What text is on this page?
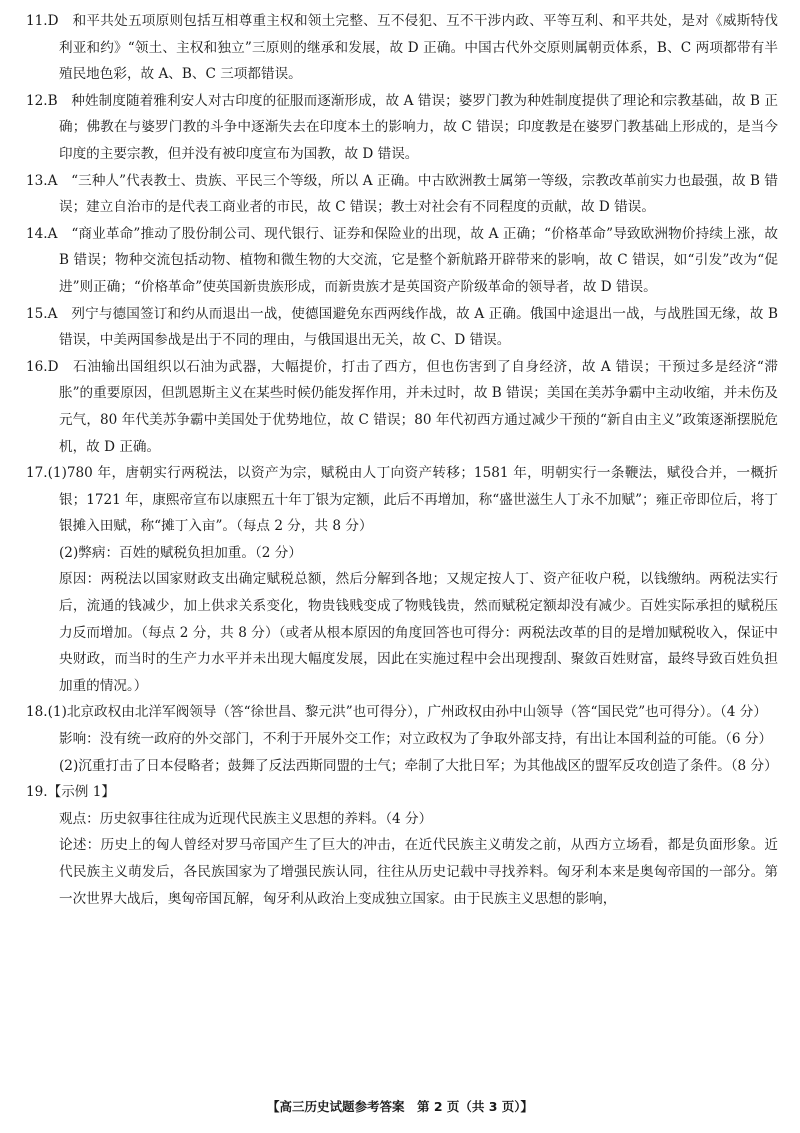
11.D　和平共处五项原则包括互相尊重主权和领土完整、互不侵犯、互不干涉内政、平等互利、和平共处，是对《威斯特伐利亚和约》“领土、主权和独立”三原则的继承和发展，故 D 正确。中国古代外交原则属朝贡体系，B、C 两项都带有半殖民地色彩，故 A、B、C 三项都错误。

12.B　种姓制度随着雅利安人对古印度的征服而逐渐形成，故 A 错误；婆罗门教为种姓制度提供了理论和宗教基础，故 B 正确；佛教在与婆罗门教的斗争中逐渐失去在印度本土的影响力，故 C 错误；印度教是在婆罗门教基础上形成的，是当今印度的主要宗教，但并没有被印度宣布为国教，故 D 错误。

13.A　“三种人”代表教士、贵族、平民三个等级，所以 A 正确。中古欧洲教士属第一等级，宗教改革前实力也最强，故 B 错误；建立自治市的是代表工商业者的市民，故 C 错误；教士对社会有不同程度的贡献，故 D 错误。

14.A　“商业革命”推动了股份制公司、现代银行、证券和保险业的出现，故 A 正确；“价格革命”导致欧洲物价持续上涨，故 B 错误；物种交流包括动物、植物和微生物的大交流，它是整个新航路开辟带来的影响，故 C 错误，如“引发”改为“促进”则正确；“价格革命”使英国新贵族形成，而新贵族才是英国资产阶级革命的领导者，故 D 错误。

15.A　列宁与德国签订和约从而退出一战，使德国避免东西两线作战，故 A 正确。俄国中途退出一战，与战胜国无缘，故 B 错误，中美两国参战是出于不同的理由，与俄国退出无关，故 C、D 错误。

16.D　石油输出国组织以石油为武器，大幅提价，打击了西方，但也伤害到了自身经济，故 A 错误；干预过多是经济“滞胀”的重要原因，但凯恩斯主义在某些时候仍能发挥作用，并未过时，故 B 错误；美国在美苏争霸中主动收缩，并未伤及元气，80 年代美苏争霸中美国处于优势地位，故 C 错误；80 年代初西方通过减少干预的“新自由主义”政策逐渐摆脱危机，故 D 正确。

17.(1)780 年，唐朝实行两税法，以资产为宗，赋税由人丁向资产转移；1581 年，明朝实行一条鞭法，赋役合并，一概折银；1721 年，康熙帝宣布以康熙五十年丁银为定额，此后不再增加，称“盛世滋生人丁永不加赋”；雍正帝即位后，将丁银摊入田赋，称“摊丁入亩”。（每点 2 分，共 8 分）

(2)弊病：百姓的赋税负担加重。（2 分）

原因：两税法以国家财政支出确定赋税总额，然后分解到各地；又规定按人丁、资产征收户税，以钱缴纳。两税法实行后，流通的钱减少，加上供求关系变化，物贵钱贱变成了物贱钱贵，然而赋税定额却没有减少。百姓实际承担的赋税压力反而增加。（每点 2 分，共 8 分）（或者从根本原因的角度回答也可得分：两税法改革的目的是增加赋税收入，保证中央财政，而当时的生产力水平并未出现大幅度发展，因此在实施过程中会出现搜刮、聚敛百姓财富，最终导致百姓负担加重的情况。）

18.(1)北京政权由北洋军阀领导（答“徐世昌、黎元洪”也可得分），广州政权由孙中山领导（答“国民党”也可得分）。（4 分）

影响：没有统一政府的外交部门，不利于开展外交工作；对立政权为了争取外部支持，有出让本国利益的可能。（6 分）

(2)沉重打击了日本侵略者；鼓舞了反法西斯同盟的士气；牵制了大批日军；为其他战区的盟军反攻创造了条件。（8 分）

19.【示例 1】

观点：历史叙事往往成为近现代民族主义思想的养料。（4 分）

论述：历史上的匈人曾经对罗马帝国产生了巨大的冲击，在近代民族主义萌发之前，从西方立场看，都是负面形象。近代民族主义萌发后，各民族国家为了增强民族认同，往往从历史记载中寻找养料。匈牙利本来是奥匈帝国的一部分。第一次世界大战后，奥匈帝国瓦解，匈牙利从政治上变成独立国家。由于民族主义思想的影响，

【高三历史试题参考答案　第 2 页（共 3 页）】
